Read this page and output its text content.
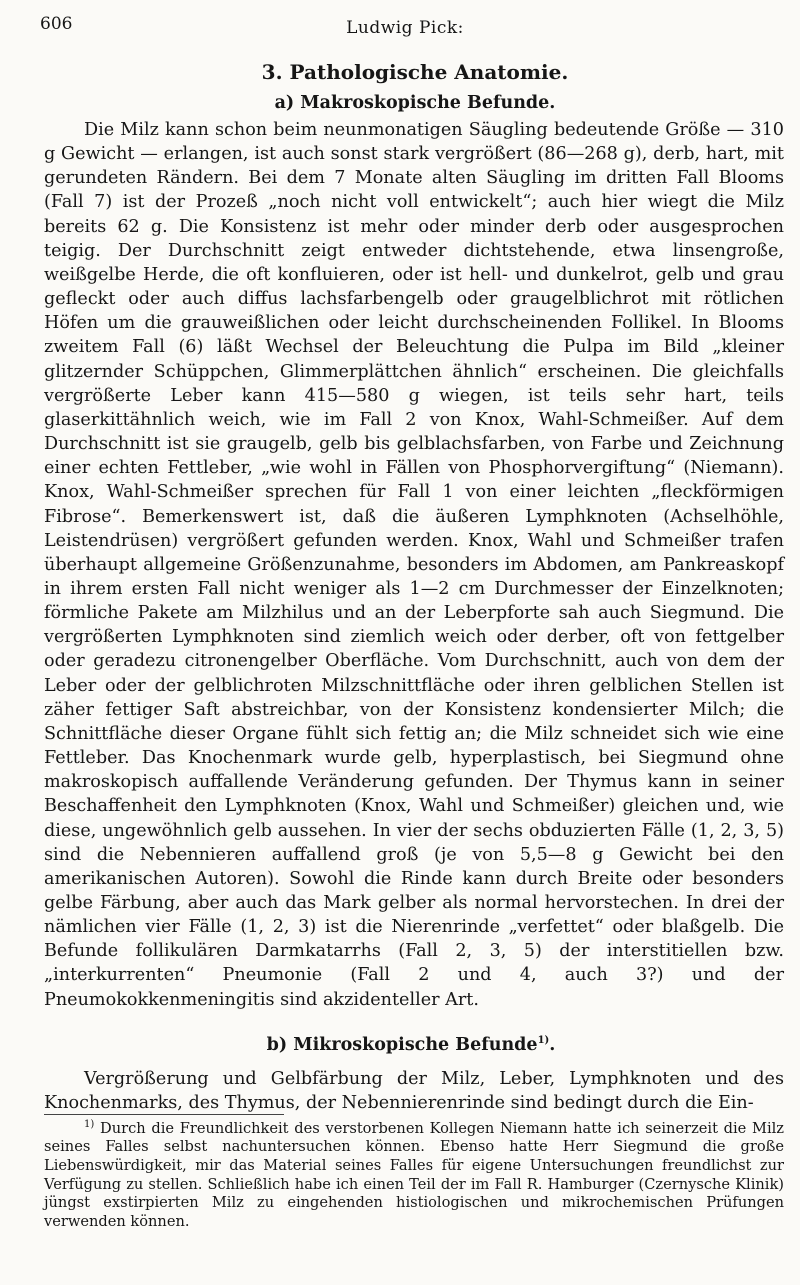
606	Ludwig Pick:
3. Pathologische Anatomie.
a) Makroskopische Befunde.

Die Milz kann schon beim neunmonatigen Säugling bedeutende Größe — 310 g Gewicht — erlangen, ist auch sonst stark vergrößert (86—268 g), derb, hart, mit gerundeten Rändern. Bei dem 7 Monate alten Säugling im dritten Fall Blooms (Fall 7) ist der Prozeß „noch nicht voll entwickelt“; auch hier wiegt die Milz bereits 62 g. Die Konsistenz ist mehr oder minder derb oder ausgesprochen teigig. Der Durchschnitt zeigt entweder dichtstehende, etwa linsengroße, weißgelbe Herde, die oft konfluieren, oder ist hell- und dunkelrot, gelb und grau gefleckt oder auch diffus lachsfarbengelb oder graugelblichrot mit rötlichen Höfen um die grauweißlichen oder leicht durchscheinenden Follikel. In Blooms zweitem Fall (6) läßt Wechsel der Beleuchtung die Pulpa im Bild „kleiner glitzernder Schüppchen, Glimmerplättchen ähnlich“ erscheinen. Die gleichfalls vergrößerte Leber kann 415—580 g wiegen, ist teils sehr hart, teils glaserkittähnlich weich, wie im Fall 2 von Knox, Wahl-Schmeißer. Auf dem Durchschnitt ist sie graugelb, gelb bis gelblachsfarben, von Farbe und Zeichnung einer echten Fettleber, „wie wohl in Fällen von Phosphorvergiftung“ (Niemann). Knox, Wahl-Schmeißer sprechen für Fall 1 von einer leichten „fleckförmigen Fibrose“. Bemerkenswert ist, daß die äußeren Lymphknoten (Achselhöhle, Leistendrüsen) vergrößert gefunden werden. Knox, Wahl und Schmeißer trafen überhaupt allgemeine Größenzunahme, besonders im Abdomen, am Pankreaskopf in ihrem ersten Fall nicht weniger als 1—2 cm Durchmesser der Einzelknoten; förmliche Pakete am Milzhilus und an der Leberpforte sah auch Siegmund. Die vergrößerten Lymphknoten sind ziemlich weich oder derber, oft von fettgelber oder geradezu citronengelber Oberfläche. Vom Durchschnitt, auch von dem der Leber oder der gelblichroten Milzschnittfläche oder ihren gelblichen Stellen ist zäher fettiger Saft abstreichbar, von der Konsistenz kondensierter Milch; die Schnittfläche dieser Organe fühlt sich fettig an; die Milz schneidet sich wie eine Fettleber. Das Knochenmark wurde gelb, hyperplastisch, bei Siegmund ohne makroskopisch auffallende Veränderung gefunden. Der Thymus kann in seiner Beschaffenheit den Lymphknoten (Knox, Wahl und Schmeißer) gleichen und, wie diese, ungewöhnlich gelb aussehen. In vier der sechs obduzierten Fälle (1, 2, 3, 5) sind die Nebennieren auffallend groß (je von 5,5—8 g Gewicht bei den amerikanischen Autoren). Sowohl die Rinde kann durch Breite oder besonders gelbe Färbung, aber auch das Mark gelber als normal hervorstechen. In drei der nämlichen vier Fälle (1, 2, 3) ist die Nierenrinde „verfettet“ oder blaßgelb. Die Befunde follikulären Darmkatarrhs (Fall 2, 3, 5) der interstitiellen bzw. „interkurrenten“ Pneumonie (Fall 2 und 4, auch 3?) und der Pneumokokkenmeningitis sind akzidenteller Art.

b) Mikroskopische Befunde$^{1)}$.

Vergrößerung und Gelbfärbung der Milz, Leber, Lymphknoten und des Knochenmarks, des Thymus, der Nebennierenrinde sind bedingt durch die Ein-

$^{1)}$ Durch die Freundlichkeit des verstorbenen Kollegen Niemann hatte ich seinerzeit die Milz seines Falles selbst nachuntersuchen können. Ebenso hatte Herr Siegmund die große Liebenswürdigkeit, mir das Material seines Falles für eigene Untersuchungen freundlichst zur Verfügung zu stellen. Schließlich habe ich einen Teil der im Fall R. Hamburger (Czernysche Klinik) jüngst exstirpierten Milz zu eingehenden histiologischen und mikrochemischen Prüfungen verwenden können.
